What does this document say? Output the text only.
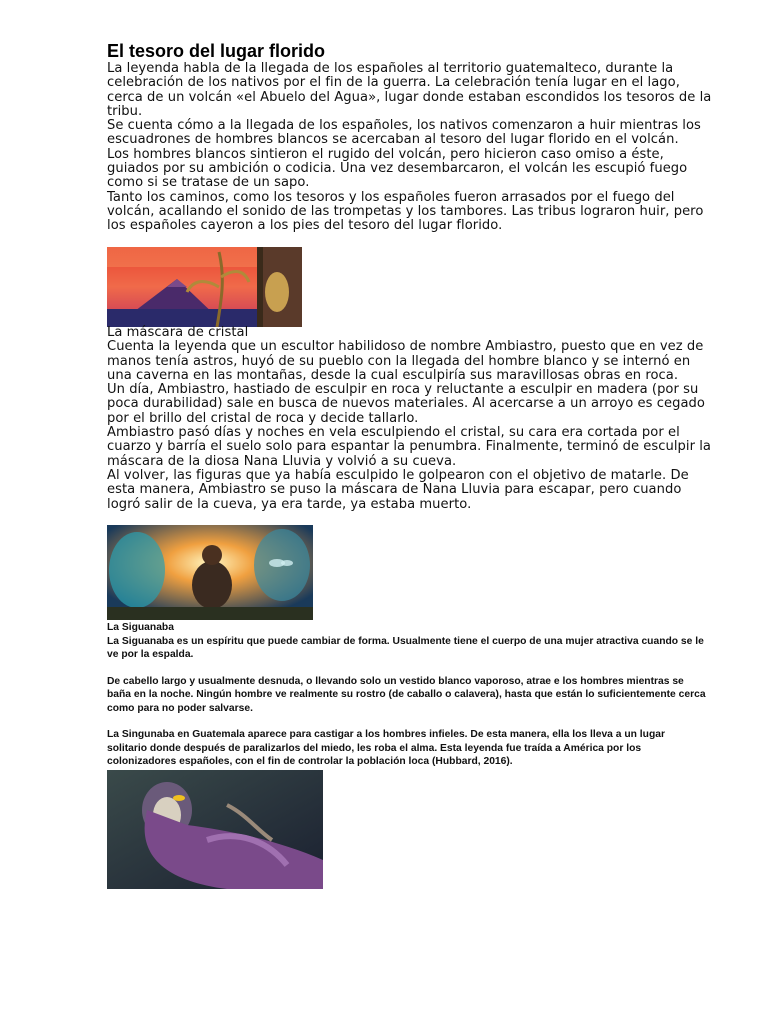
El tesoro del lugar florido

La leyenda habla de la llegada de los españoles al territorio guatemalteco, durante la celebración de los nativos por el fin de la guerra. La celebración tenía lugar en el lago, cerca de un volcán «el Abuelo del Agua», lugar donde estaban escondidos los tesoros de la tribu.

Se cuenta cómo a la llegada de los españoles, los nativos comenzaron a huir mientras los escuadrones de hombres blancos se acercaban al tesoro del lugar florido en el volcán.

Los hombres blancos sintieron el rugido del volcán, pero hicieron caso omiso a éste, guiados por su ambición o codicia. Una vez desembarcaron, el volcán les escupió fuego como si se tratase de un sapo.

Tanto los caminos, como los tesoros y los españoles fueron arrasados por el fuego del volcán, acallando el sonido de las trompetas y los tambores. Las tribus lograron huir, pero los españoles cayeron a los pies del tesoro del lugar florido.

La máscara de cristal

Cuenta la leyenda que un escultor habilidoso de nombre Ambiastro, puesto que en vez de manos tenía astros, huyó de su pueblo con la llegada del hombre blanco y se internó en una caverna en las montañas, desde la cual esculpiría sus maravillosas obras en roca.

Un día, Ambiastro, hastiado de esculpir en roca y reluctante a esculpir en madera (por su poca durabilidad) sale en busca de nuevos materiales. Al acercarse a un arroyo es cegado por el brillo del cristal de roca y decide tallarlo.

Ambiastro pasó días y noches en vela esculpiendo el cristal, su cara era cortada por el cuarzo y barría el suelo solo para espantar la penumbra. Finalmente, terminó de esculpir la máscara de la diosa Nana Lluvia y volvió a su cueva.

Al volver, las figuras que ya había esculpido le golpearon con el objetivo de matarle. De esta manera, Ambiastro se puso la máscara de Nana Lluvia para escapar, pero cuando logró salir de la cueva, ya era tarde, ya estaba muerto.

La Siguanaba

La Siguanaba es un espíritu que puede cambiar de forma. Usualmente tiene el cuerpo de una mujer atractiva cuando se le ve por la espalda.

De cabello largo y usualmente desnuda, o llevando solo un vestido blanco vaporoso, atrae e los hombres mientras se baña en la noche. Ningún hombre ve realmente su rostro (de caballo o calavera), hasta que están lo suficientemente cerca como para no poder salvarse.

La Singunaba en Guatemala aparece para castigar a los hombres infieles. De esta manera, ella los lleva a un lugar solitario donde después de paralizarlos del miedo, les roba el alma. Esta leyenda fue traída a América por los colonizadores españoles, con el fin de controlar la población loca (Hubbard, 2016).
